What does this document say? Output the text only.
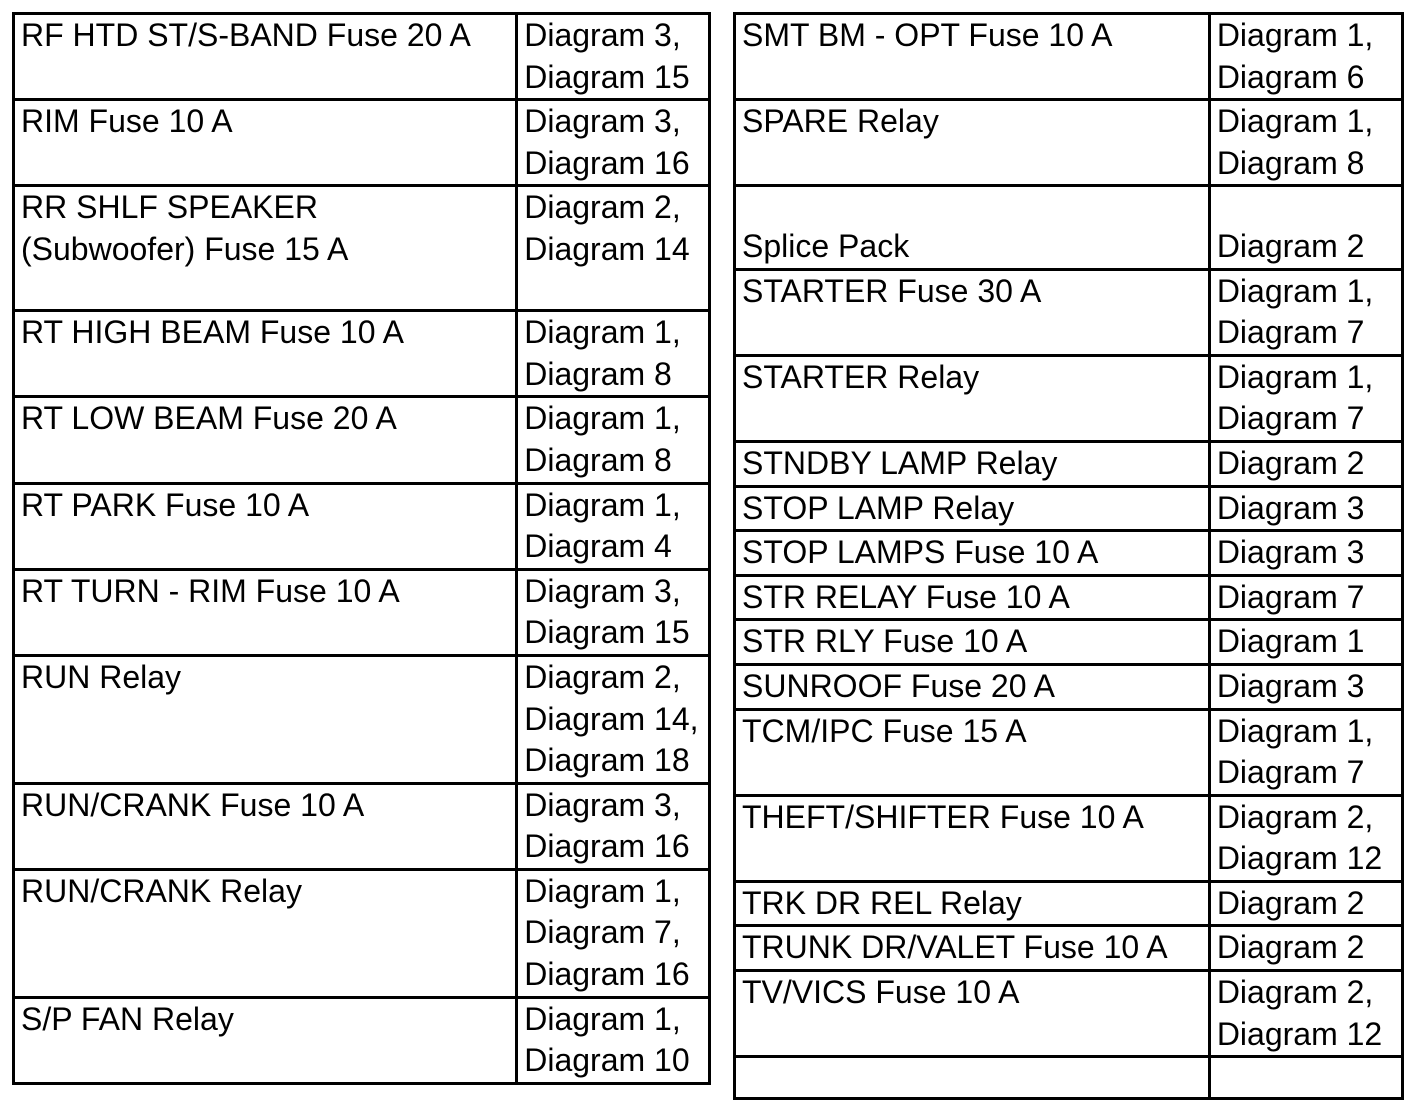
RF HTD ST/S-BAND Fuse 20 A	Diagram 3,
Diagram 15
RIM Fuse 10 A	Diagram 3,
Diagram 16
RR SHLF SPEAKER
(Subwoofer) Fuse 15 A	Diagram 2,
Diagram 14
RT HIGH BEAM Fuse 10 A	Diagram 1,
Diagram 8
RT LOW BEAM Fuse 20 A	Diagram 1,
Diagram 8
RT PARK Fuse 10 A	Diagram 1,
Diagram 4
RT TURN - RIM Fuse 10 A	Diagram 3,
Diagram 15
RUN Relay	Diagram 2,
Diagram 14,
Diagram 18
RUN/CRANK Fuse 10 A	Diagram 3,
Diagram 16
RUN/CRANK Relay	Diagram 1,
Diagram 7,
Diagram 16
S/P FAN Relay	Diagram 1,
Diagram 10
SMT BM - OPT Fuse 10 A	Diagram 1,
Diagram 6
SPARE Relay	Diagram 1,
Diagram 8
Splice Pack	Diagram 2
STARTER Fuse 30 A	Diagram 1,
Diagram 7
STARTER Relay	Diagram 1,
Diagram 7
STNDBY LAMP Relay	Diagram 2
STOP LAMP Relay	Diagram 3
STOP LAMPS Fuse 10 A	Diagram 3
STR RELAY Fuse 10 A	Diagram 7
STR RLY Fuse 10 A	Diagram 1
SUNROOF Fuse 20 A	Diagram 3
TCM/IPC Fuse 15 A	Diagram 1,
Diagram 7
THEFT/SHIFTER Fuse 10 A	Diagram 2,
Diagram 12
TRK DR REL Relay	Diagram 2
TRUNK DR/VALET Fuse 10 A	Diagram 2
TV/VICS Fuse 10 A	Diagram 2,
Diagram 12
